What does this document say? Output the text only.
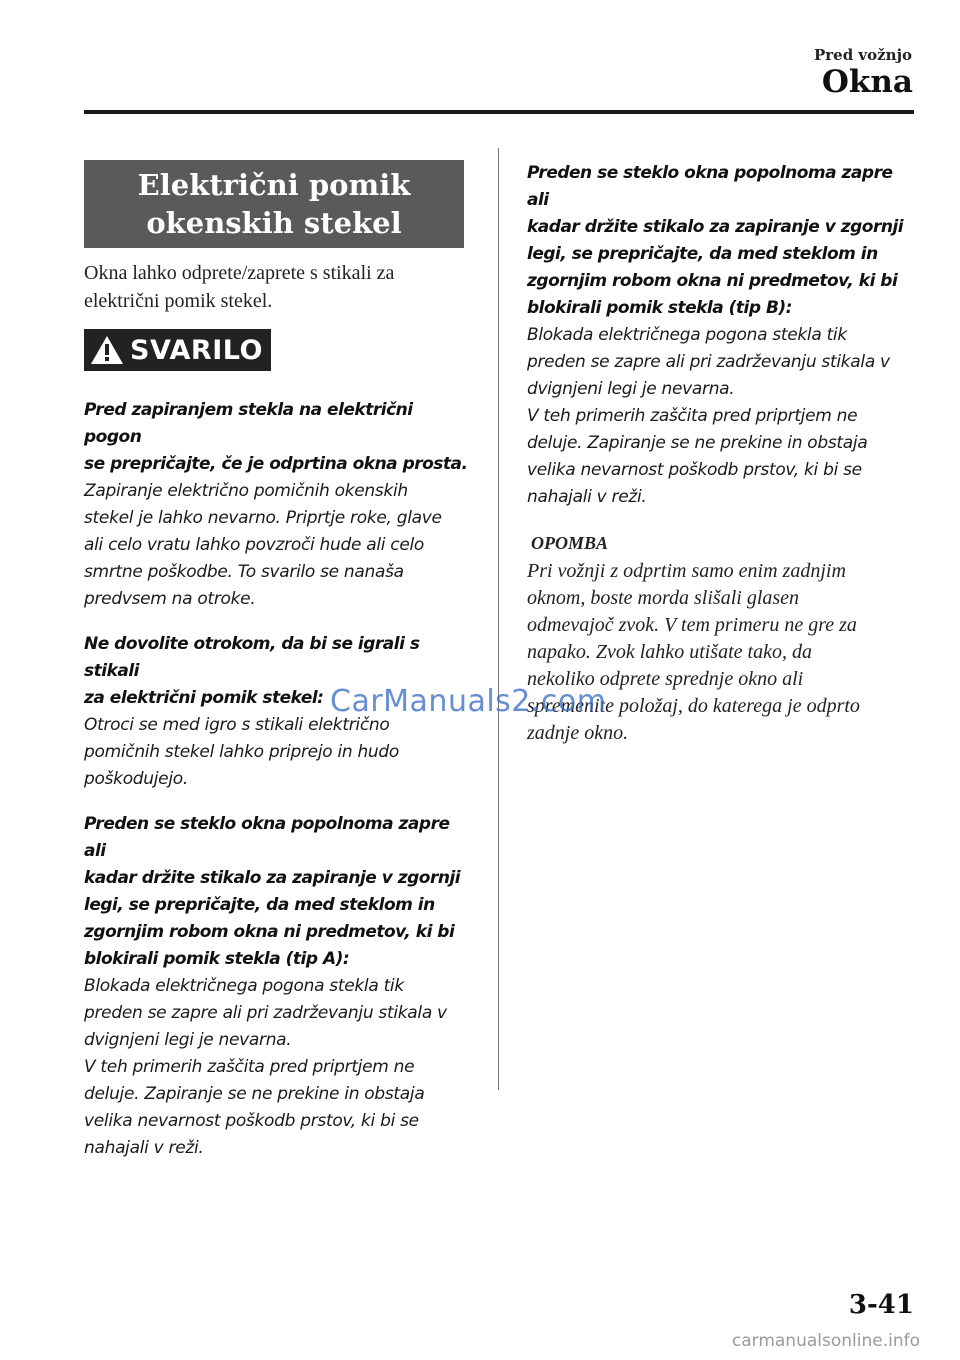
Pred vožnjo
Okna
Električni pomik okenskih stekel
Okna lahko odprete/zaprete s stikali za električni pomik stekel.
SVARILO
Pred zapiranjem stekla na električni pogon
se prepričajte, če je odprtina okna prosta.
Zapiranje električno pomičnih okenskih
stekel je lahko nevarno. Priprtje roke, glave
ali celo vratu lahko povzroči hude ali celo
smrtne poškodbe. To svarilo se nanaša
predvsem na otroke.
Ne dovolite otrokom, da bi se igrali s stikali
za električni pomik stekel:
Otroci se med igro s stikali električno
pomičnih stekel lahko priprejo in hudo
poškodujejo.
Preden se steklo okna popolnoma zapre ali
kadar držite stikalo za zapiranje v zgornji
legi, se prepričajte, da med steklom in
zgornjim robom okna ni predmetov, ki bi
blokirali pomik stekla (tip A):
Blokada električnega pogona stekla tik
preden se zapre ali pri zadrževanju stikala v
dvignjeni legi je nevarna.
V teh primerih zaščita pred priprtjem ne
deluje. Zapiranje se ne prekine in obstaja
velika nevarnost poškodb prstov, ki bi se
nahajali v reži.
Preden se steklo okna popolnoma zapre ali
kadar držite stikalo za zapiranje v zgornji
legi, se prepričajte, da med steklom in
zgornjim robom okna ni predmetov, ki bi
blokirali pomik stekla (tip B):
Blokada električnega pogona stekla tik
preden se zapre ali pri zadrževanju stikala v
dvignjeni legi je nevarna.
V teh primerih zaščita pred priprtjem ne
deluje. Zapiranje se ne prekine in obstaja
velika nevarnost poškodb prstov, ki bi se
nahajali v reži.
OPOMBA
Pri vožnji z odprtim samo enim zadnjim
oknom, boste morda slišali glasen
odmevajoč zvok. V tem primeru ne gre za
napako. Zvok lahko utišate tako, da
nekoliko odprete sprednje okno ali
spremenite položaj, do katerega je odprto
zadnje okno.
CarManuals2.com
3-41
carmanualsonline.info
